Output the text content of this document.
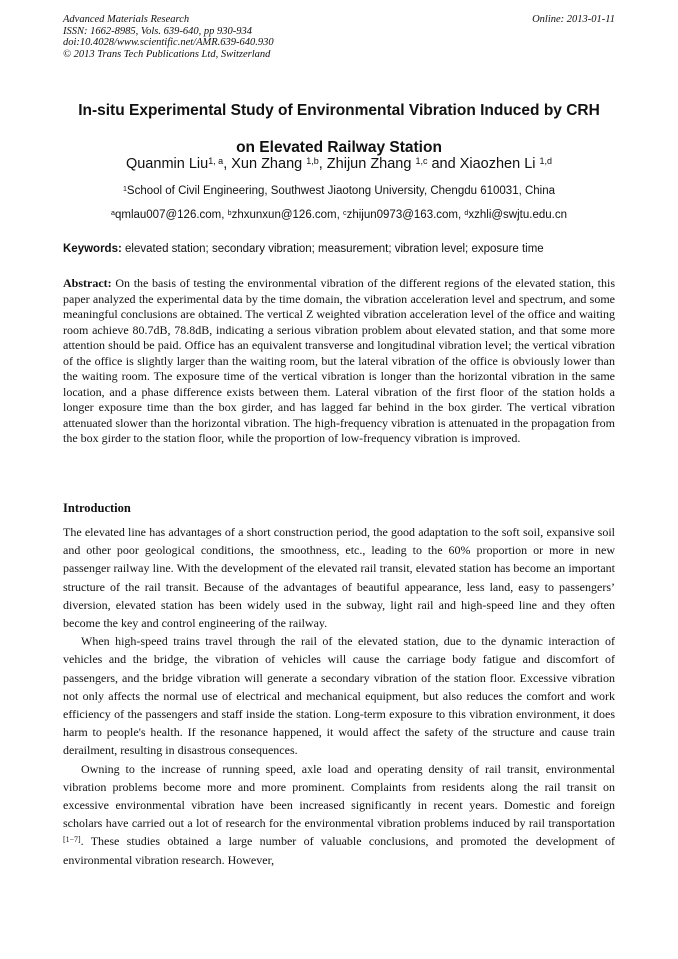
Advanced Materials Research
ISSN: 1662-8985, Vols. 639-640, pp 930-934
doi:10.4028/www.scientific.net/AMR.639-640.930
© 2013 Trans Tech Publications Ltd, Switzerland
Online: 2013-01-11
In-situ Experimental Study of Environmental Vibration Induced by CRH
on Elevated Railway Station
Quanmin Liu$^{1, a}$, Xun Zhang $^{1,b}$, Zhijun Zhang $^{1,c}$ and Xiaozhen Li $^{1,d}$
$^1$School of Civil Engineering, Southwest Jiaotong University, Chengdu 610031, China
$^a$qmlau007@126.com, $^b$zhxunxun@126.com, $^c$zhijun0973@163.com, $^d$xzhli@swjtu.edu.cn
Keywords: elevated station; secondary vibration; measurement; vibration level; exposure time
Abstract: On the basis of testing the environmental vibration of the different regions of the elevated station, this paper analyzed the experimental data by the time domain, the vibration acceleration level and spectrum, and some meaningful conclusions are obtained. The vertical Z weighted vibration acceleration level of the office and waiting room achieve 80.7dB, 78.8dB, indicating a serious vibration problem about elevated station, and that some more attention should be paid. Office has an equivalent transverse and longitudinal vibration level; the vertical vibration of the office is slightly larger than the waiting room, but the lateral vibration of the office is obviously lower than the waiting room. The exposure time of the vertical vibration is longer than the horizontal vibration in the same location, and a phase difference exists between them. Lateral vibration of the first floor of the station holds a longer exposure time than the box girder, and has lagged far behind in the box girder. The vertical vibration attenuated slower than the horizontal vibration. The high-frequency vibration is attenuated in the propagation from the box girder to the station floor, while the proportion of low-frequency vibration is improved.
Introduction

The elevated line has advantages of a short construction period, the good adaptation to the soft soil, expansive soil and other poor geological conditions, the smoothness, etc., leading to the 60% proportion or more in new passenger railway line. With the development of the elevated rail transit, elevated station has become an important structure of the rail transit. Because of the advantages of beautiful appearance, less land, easy to passengers’ diversion, elevated station has been widely used in the subway, light rail and high-speed line and they often become the key and control engineering of the railway.

When high-speed trains travel through the rail of the elevated station, due to the dynamic interaction of vehicles and the bridge, the vibration of vehicles will cause the carriage body fatigue and discomfort of passengers, and the bridge vibration will generate a secondary vibration of the station floor. Excessive vibration not only affects the normal use of electrical and mechanical equipment, but also reduces the comfort and work efficiency of the passengers and staff inside the station. Long-term exposure to this vibration environment, it does harm to people's health. If the resonance happened, it would affect the safety of the structure and cause train derailment, resulting in disastrous consequences.

Owning to the increase of running speed, axle load and operating density of rail transit, environmental vibration problems become more and more prominent. Complaints from residents along the rail transit on excessive environmental vibration have been increased significantly in recent years. Domestic and foreign scholars have carried out a lot of research for the environmental vibration problems induced by rail transportation [1−7]. These studies obtained a large number of valuable conclusions, and promoted the development of environmental vibration research. However,
